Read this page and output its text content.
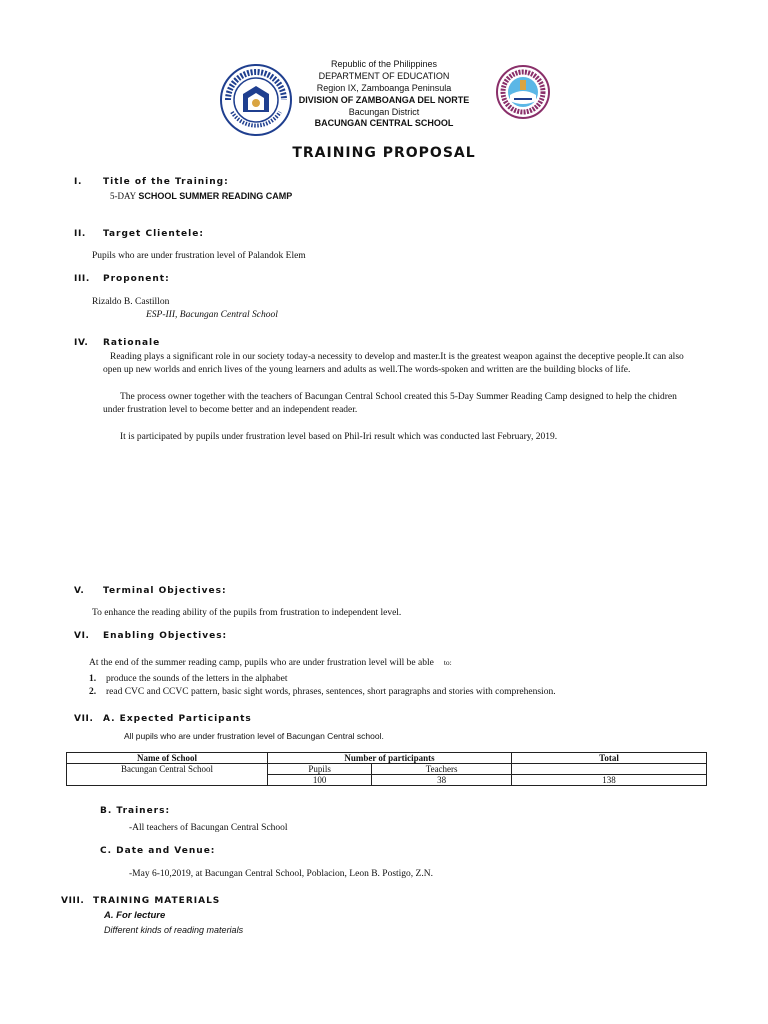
Republic of the Philippines
DEPARTMENT OF EDUCATION
Region IX, Zamboanga Peninsula
DIVISION OF ZAMBOANGA DEL NORTE
Bacungan District
BACUNGAN CENTRAL SCHOOL
TRAINING PROPOSAL
I. Title of the Training:
5-DAY SCHOOL SUMMER READING CAMP
II. Target Clientele:
Pupils who are under frustration level of Palandok Elem
III. Proponent:
Rizaldo B. Castillon
ESP-III, Bacungan Central School
IV. Rationale
Reading plays a significant role in our society today-a necessity to develop and master.It is the greatest weapon against the deceptive people.It can also
open up new worlds and enrich lives of the young learners and adults as well.The words-spoken and written are the building blocks of life.
The process owner together with the teachers of Bacungan Central School created this 5-Day Summer Reading Camp designed to help the chidren
under frustration level to become better and an independent reader.
It is participated by pupils under frustration level based on Phil-Iri result which was conducted last February, 2019.
V. Terminal Objectives:
To enhance the reading ability of the pupils from frustration to independent level.
VI. Enabling Objectives:
At the end of the summer reading camp, pupils who are under frustration level will be able to:
1. produce the sounds of the letters in the alphabet
2. read CVC and CCVC pattern, basic sight words, phrases, sentences, short paragraphs and stories with comprehension.
VII. A. Expected Participants
All pupils who are under frustration level of Bacungan Central school.
Name of School	Number of participants		Total
Bacungan Central School	Pupils	Teachers	
	100	38	138
B. Trainers:
-All teachers of Bacungan Central School
C. Date and Venue:
-May 6-10,2019, at Bacungan Central School, Poblacion, Leon B. Postigo, Z.N.
VIII. TRAINING MATERIALS
A. For lecture
Different kinds of reading materials
